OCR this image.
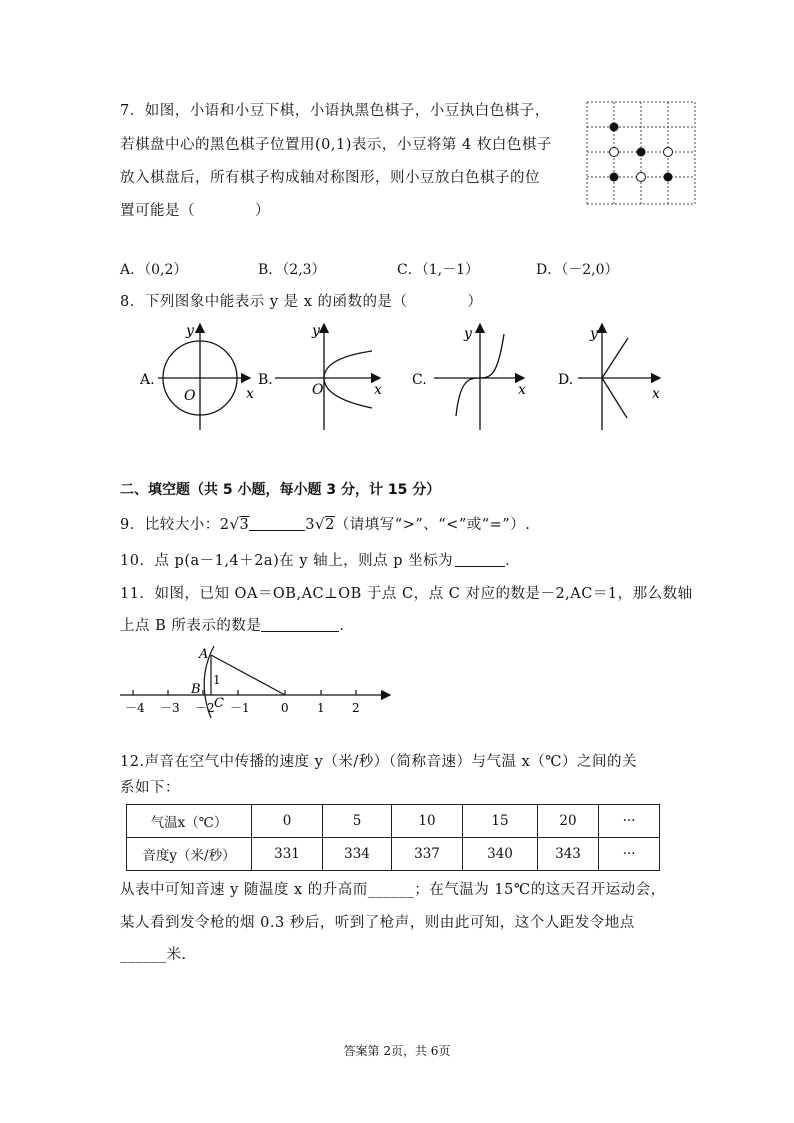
7．如图，小语和小豆下棋，小语执黑色棋子，小豆执白色棋子，
若棋盘中心的黑色棋子位置用(0,1)表示，小豆将第 4 枚白色棋子
放入棋盘后，所有棋子构成轴对称图形，则小豆放白色棋子的位
置可能是（　　　　）
A．（0,2）	B．（2,3）	C．（1,－1）	D．（－2,0）
8．下列图象中能表示 y 是 x 的函数的是（　　　　）
A.
y
x
O
B.
y
x
O
C.
y
x
D.
y
x
二、填空题（共 5 小题，每小题 3 分，计 15 分）
9．比较大小：2√3	3√2（请填写“>”、“<”或“=”）.
10．点 p(a－1,4＋2a)在 y 轴上，则点 p 坐标为	．
11．如图，已知 OA＝OB,AC⊥OB 于点 C，点 C 对应的数是－2,AC＝1，那么数轴
上点 B 所表示的数是	．
－4 －3 －2 －1	0 1 2
A
B
C
1
12.声音在空气中传播的速度 y（米/秒）（简称音速）与气温 x（℃）之间的关
系如下：
气温x（℃）	0	5	10	15	20	···
音度y（米/秒）	331	334	337	340	343	···
从表中可知音速 y 随温度 x 的升高而______；在气温为 15℃的这天召开运动会，
某人看到发令枪的烟 0.3 秒后，听到了枪声，则由此可知，这个人距发令地点
______米.
答案第 2页，共 6页
